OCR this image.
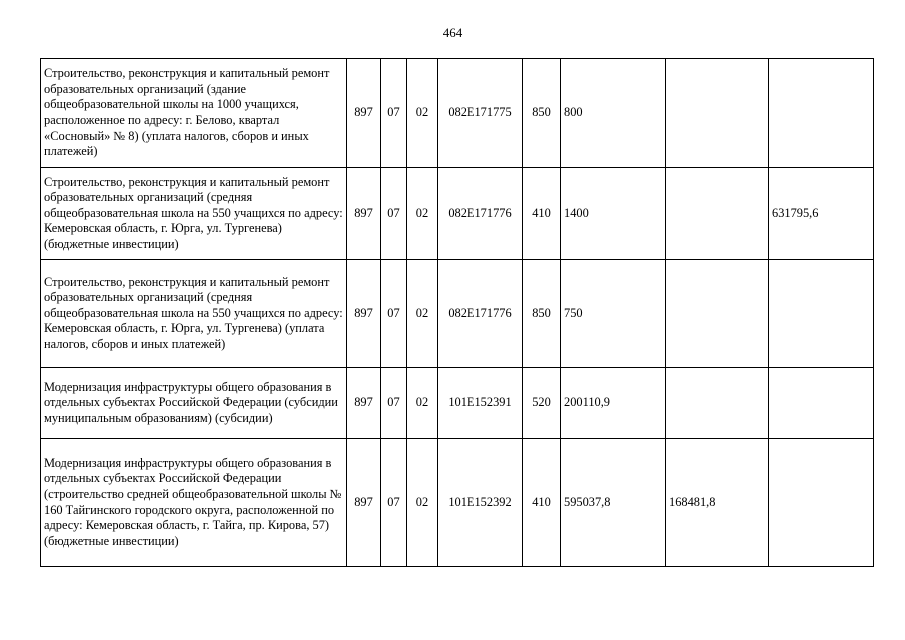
464
Строительство, реконструкция и капитальный ремонт образовательных организаций (здание общеобразовательной школы на 1000 учащихся, расположенное по адресу: г. Белово, квартал «Сосновый» № 8) (уплата налогов, сборов и иных платежей)	897	07	02	082Е171775	850	800		
Строительство, реконструкция и капитальный ремонт образовательных организаций (средняя общеобразовательная школа на 550 учащихся по адресу: Кемеровская область, г. Юрга, ул. Тургенева) (бюджетные инвестиции)	897	07	02	082Е171776	410	1400		631795,6
Строительство, реконструкция и капитальный ремонт образовательных организаций (средняя общеобразовательная школа на 550 учащихся по адресу: Кемеровская область, г. Юрга, ул. Тургенева) (уплата налогов, сборов и иных платежей)	897	07	02	082Е171776	850	750		
Модернизация инфраструктуры общего образования в отдельных субъектах Российской Федерации (субсидии муниципальным образованиям) (субсидии)	897	07	02	101Е152391	520	200110,9		
Модернизация инфраструктуры общего образования в отдельных субъектах Российской Федерации (строительство средней общеобразовательной школы № 160 Тайгинского городского округа, расположенной по адресу: Кемеровская область, г. Тайга, пр. Кирова, 57) (бюджетные инвестиции)	897	07	02	101Е152392	410	595037,8	168481,8	
